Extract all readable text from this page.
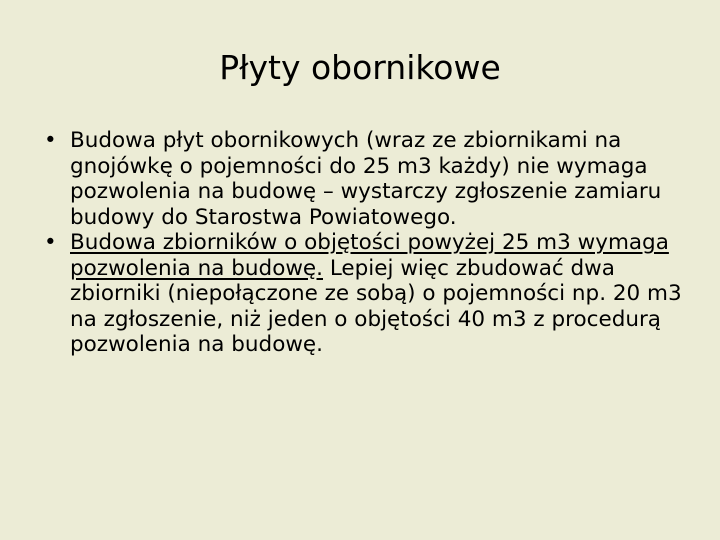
Płyty obornikowe
• Budowa płyt obornikowych (wraz ze zbiornikami na gnojówkę o pojemności do 25 m3 każdy) nie wymaga pozwolenia na budowę – wystarczy zgłoszenie zamiaru budowy do Starostwa Powiatowego.
• Budowa zbiorników o objętości powyżej 25 m3 wymaga pozwolenia na budowę. Lepiej więc zbudować dwa zbiorniki (niepołączone ze sobą) o pojemności np. 20 m3 na zgłoszenie, niż jeden o objętości 40 m3 z procedurą pozwolenia na budowę.
